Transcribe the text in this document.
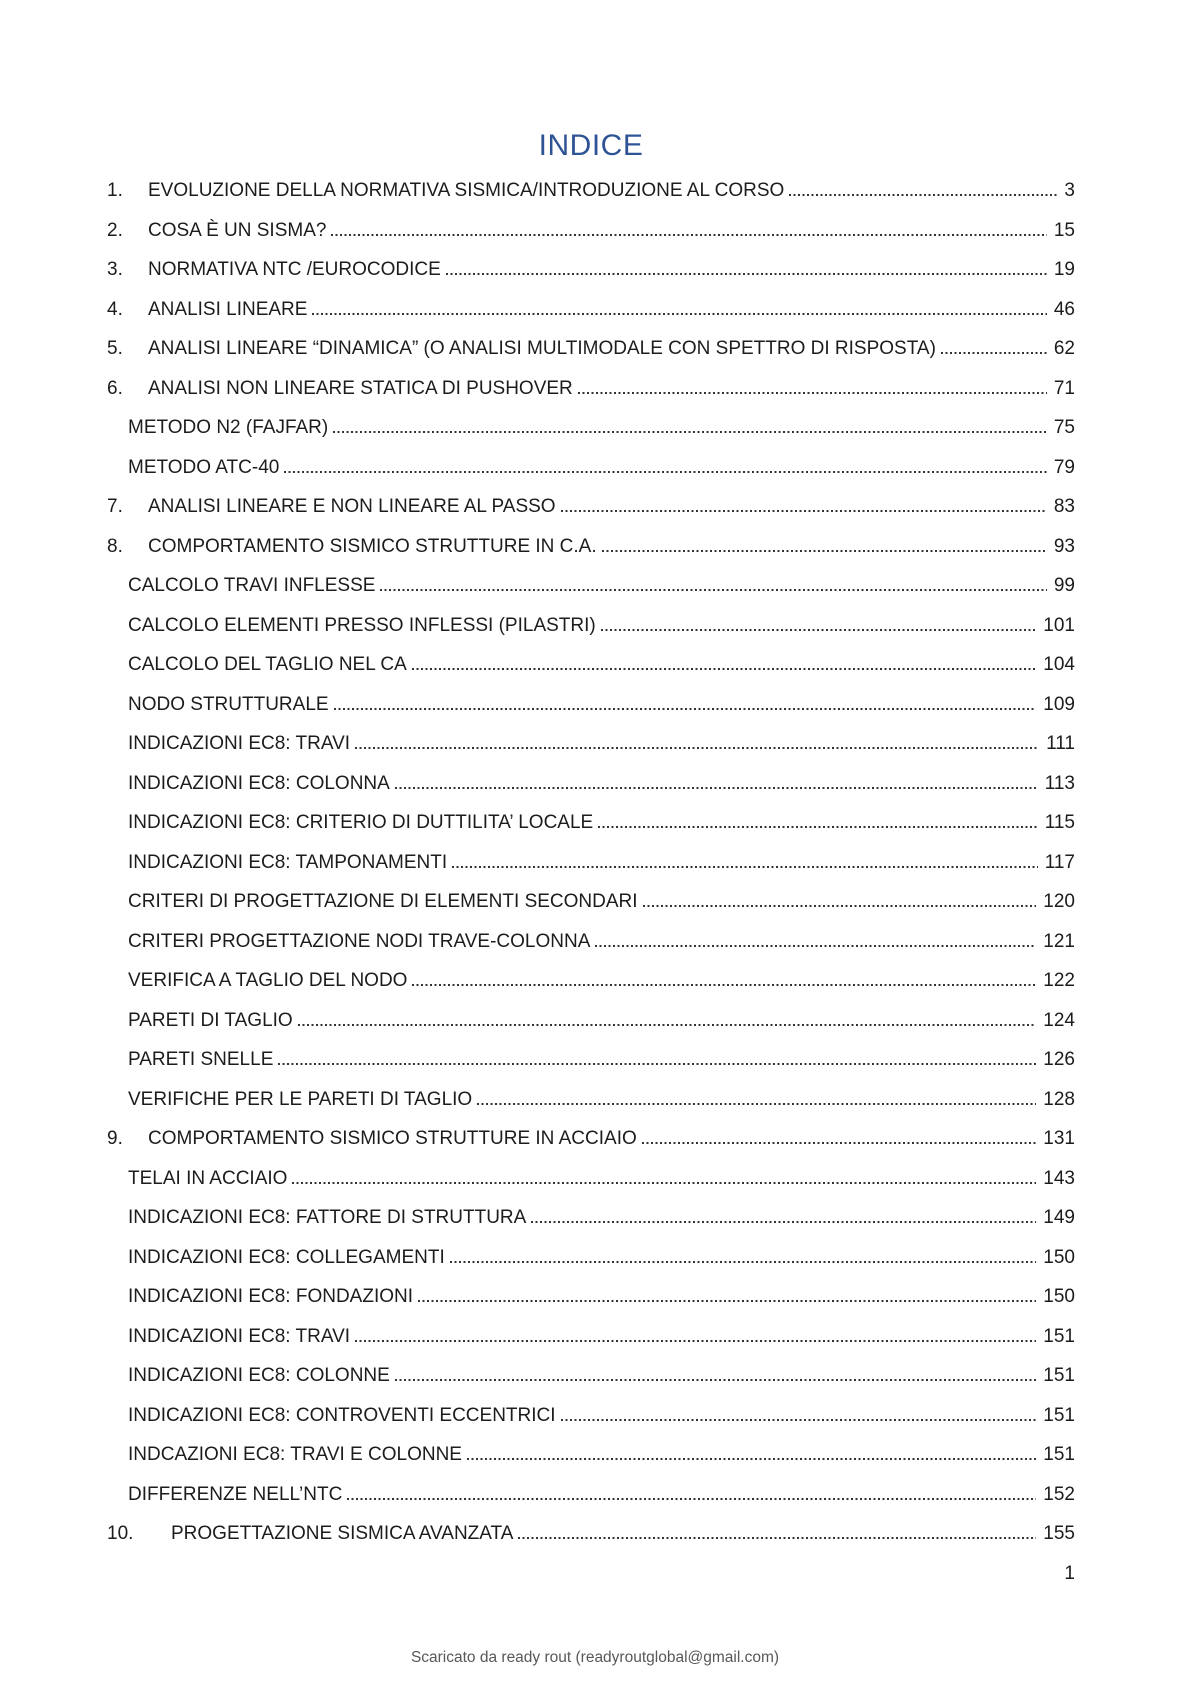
INDICE
1.	EVOLUZIONE DELLA NORMATIVA SISMICA/INTRODUZIONE AL CORSO	3
2.	COSA È UN SISMA?	15
3.	NORMATIVA NTC /EUROCODICE	19
4.	ANALISI LINEARE	46
5.	ANALISI LINEARE “DINAMICA” (O ANALISI MULTIMODALE CON SPETTRO DI RISPOSTA)	62
6.	ANALISI NON LINEARE STATICA DI PUSHOVER	71
METODO N2 (FAJFAR)	75
METODO ATC-40	79
7.	ANALISI LINEARE E NON LINEARE AL PASSO	83
8.	COMPORTAMENTO SISMICO STRUTTURE IN C.A.	93
CALCOLO TRAVI INFLESSE	99
CALCOLO ELEMENTI PRESSO INFLESSI (PILASTRI)	101
CALCOLO DEL TAGLIO NEL CA	104
NODO STRUTTURALE	109
INDICAZIONI EC8: TRAVI	111
INDICAZIONI EC8: COLONNA	113
INDICAZIONI EC8: CRITERIO DI DUTTILITA’ LOCALE	115
INDICAZIONI EC8: TAMPONAMENTI	117
CRITERI DI PROGETTAZIONE DI ELEMENTI SECONDARI	120
CRITERI PROGETTAZIONE NODI TRAVE-COLONNA	121
VERIFICA A TAGLIO DEL NODO	122
PARETI DI TAGLIO	124
PARETI SNELLE	126
VERIFICHE PER LE PARETI DI TAGLIO	128
9.	COMPORTAMENTO SISMICO STRUTTURE IN ACCIAIO	131
TELAI IN ACCIAIO	143
INDICAZIONI EC8: FATTORE DI STRUTTURA	149
INDICAZIONI EC8: COLLEGAMENTI	150
INDICAZIONI EC8: FONDAZIONI	150
INDICAZIONI EC8: TRAVI	151
INDICAZIONI EC8: COLONNE	151
INDICAZIONI EC8: CONTROVENTI ECCENTRICI	151
INDCAZIONI EC8: TRAVI E COLONNE	151
DIFFERENZE NELL’NTC	152
10.	PROGETTAZIONE SISMICA AVANZATA	155
1
Scaricato da ready rout (readyroutglobal@gmail.com)
